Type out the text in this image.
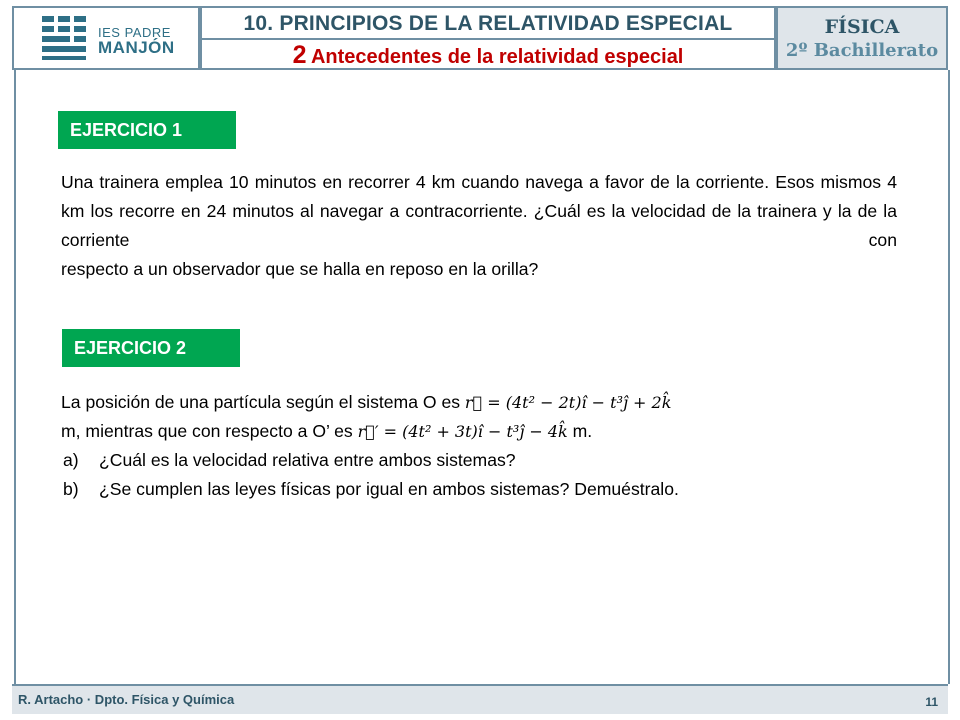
IES PADRE
MANJÓN
10. PRINCIPIOS DE LA RELATIVIDAD ESPECIAL
2 Antecedentes de la relatividad especial
FÍSICA
2º Bachillerato
EJERCICIO 1
Una trainera emplea 10 minutos en recorrer 4 km cuando navega a favor de la corriente. Esos mismos 4 km los recorre en 24 minutos al navegar a contracorriente. ¿Cuál es la velocidad de la trainera y la de la corriente con
respecto a un observador que se halla en reposo en la orilla?
EJERCICIO 2
La posición de una partícula según el sistema O es r⃗ = (4t² − 2t)î − t³ĵ + 2k̂
m, mientras que con respecto a O’ es r⃗′ = (4t² + 3t)î − t³ĵ − 4k̂ m.
a) ¿Cuál es la velocidad relativa entre ambos sistemas?
b) ¿Se cumplen las leyes físicas por igual en ambos sistemas? Demuéstralo.
R. Artacho · Dpto. Física y Química	11
